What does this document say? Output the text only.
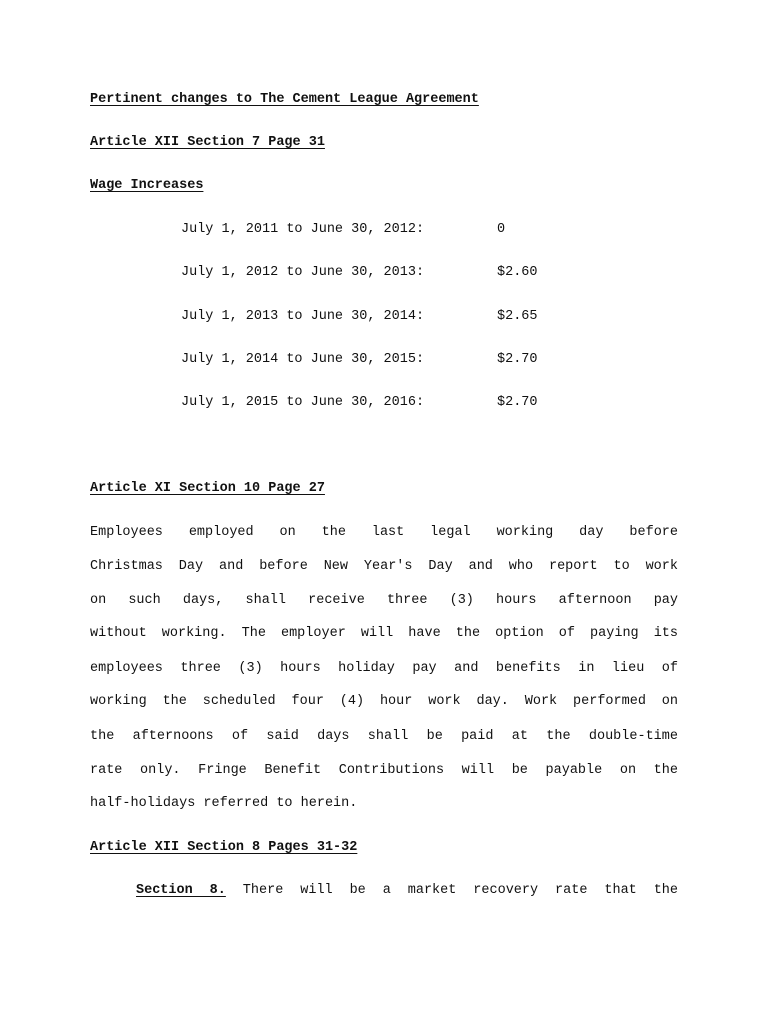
Pertinent changes to The Cement League Agreement
Article XII Section 7 Page 31
Wage Increases
July 1, 2011 to June 30, 2012:	0
July 1, 2012 to June 30, 2013:	$2.60
July 1, 2013 to June 30, 2014:	$2.65
July 1, 2014 to June 30, 2015:	$2.70
July 1, 2015 to June 30, 2016:	$2.70
Article XI Section 10 Page 27
Employees employed on the last legal working day before
Christmas Day and before New Year's Day and who report to work
on such days, shall receive three (3) hours afternoon pay
without working. The employer will have the option of paying its
employees three (3) hours holiday pay and benefits in lieu of
working the scheduled four (4) hour work day. Work performed on
the afternoons of said days shall be paid at the double-time
rate only. Fringe Benefit Contributions will be payable on the
half-holidays referred to herein.
Article XII Section 8 Pages 31-32
Section 8. There will be a market recovery rate that the
